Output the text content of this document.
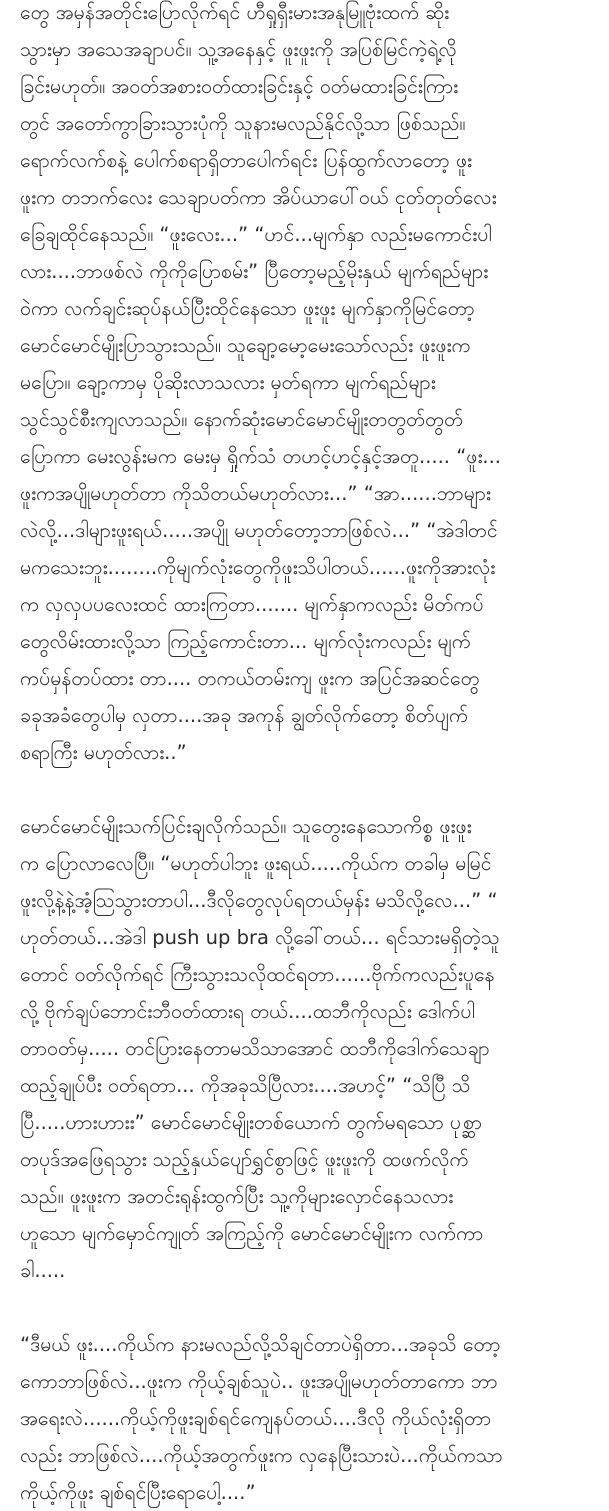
တွေ အမှန်အတိုင်းပြောလိုက်ရင် ဟီရှုရှီးမားအနုမြူဗုံးထက် ဆိုး
သွားမှာ အသေအချာပင်။ သူ့အနေနှင့် ဖူးဖူးကို အပြစ်မြင်ကဲ့ရဲ့လို
ခြင်းမဟုတ်။ အဝတ်အစားဝတ်ထားခြင်းနှင့် ဝတ်မထားခြင်းကြား
တွင် အတော်ကွာခြားသွားပုံကို သူနားမလည်နိုင်လို့သာ ဖြစ်သည်။
ရောက်လက်စနဲ့ ပေါက်စရာရှိတာပေါက်ရင်း ပြန်ထွက်လာတော့ ဖူး
ဖူးက တဘက်လေး သေချာပတ်ကာ အိပ်ယာပေါ်ဝယ် ငုတ်တုတ်လေး
ခြေချထိုင်နေသည်။ “ဖူးလေး...” “ဟင်...မျက်နှာ လည်းမကောင်းပါ
လား....ဘာဖစ်လဲ ကိုကိုပြောစမ်း” ပြီတော့မည့်မိုးနှယ် မျက်ရည်များ
ဝဲကာ လက်ချင်းဆုပ်နယ်ပြီးထိုင်နေသော ဖူးဖူး မျက်နှာကိုမြင်တော့
မောင်မောင်မျိုးပြာသွားသည်။ သူချော့မော့မေးသော်လည်း ဖူးဖူးက
မပြော။ ချော့ကာမှ ပိုဆိုးလာသလား မှတ်ရကာ မျက်ရည်များ
သွင်သွင်စီးကျလာသည်။ နောက်ဆုံးမောင်မောင်မျိုးတတွတ်တွတ်
ပြောကာ မေးလွန်းမက မေးမှ ရှိုက်သံ တဟင့်ဟင့်နှင့်အတူ..... “ဖူး...
ဖူးကအပျိုမဟုတ်တာ ကိုသိတယ်မဟုတ်လား...” “အာ......ဘာများ
လဲလို့...ဒါများဖူးရယ်.....အပျို မဟုတ်တော့ဘာဖြစ်လဲ...” “အဲဒါတင်
မကသေးဘူး........ကိုမျက်လုံးတွေကိုဖူးသိပါတယ်......ဖူးကိုအားလုံး
က လှလှပပလေးထင် ထားကြတာ....... မျက်နှာကလည်း မိတ်ကပ်
တွေလိမ်းထားလို့သာ ကြည့်ကောင်းတာ... မျက်လုံးကလည်း မျက်
ကပ်မှန်တပ်ထား တာ.... တကယ်တမ်းကျ ဖူးက အပြင်အဆင်တွေ
ခခုအခံတွေပါမှ လှတာ....အခု အကုန် ချွတ်လိုက်တော့ စိတ်ပျက်
စရာကြီး မဟုတ်လား..”
မောင်မောင်မျိုးသက်ပြင်းချလိုက်သည်။ သူတွေးနေသောကိစ္စ ဖူးဖူး
က ပြောလာလေပြီ။ “မဟုတ်ပါဘူး ဖူးရယ်.....ကိုယ်က တခါမှ မမြင်
ဖူးလို့နဲ့နဲ့အံ့သြသွားတာပါ...ဒီလိုတွေလုပ်ရတယ်မှန်း မသိလို့လေ...” “
ဟုတ်တယ်...အဲဒါ push up bra လို့ခေါ်တယ်... ရင်သားမရှိတဲ့သူ
တောင် ဝတ်လိုက်ရင် ကြီးသွားသလိုထင်ရတာ......ဗိုက်ကလည်းပူနေ
လို့ ဗိုက်ချပ်ဘောင်းဘီဝတ်ထားရ တယ်....ထဘီကိုလည်း ဒေါက်ပါ
တာဝတ်မှ..... တင်ပြားနေတာမသိသာအောင် ထဘီကိုဒေါက်သေချာ
ထည့်ချုပ်ပီး ဝတ်ရတာ... ကိုအခုသိပြီလား....အဟင့်” “သိပြီ သိ
ပြီ.....ဟားဟားး” မောင်မောင်မျိုးတစ်ယောက် တွက်မရသော ပုစ္ဆာ
တပုဒ်အဖြေရသွား သည့်နှယ်ပျော်ရွှင်စွာဖြင့် ဖူးဖူးကို ထဖက်လိုက်
သည်။ ဖူးဖူးက အတင်းရုန်းထွက်ပြီး သူ့ကိုများလှောင်နေသလား
ဟူသော မျက်မှောင်ကျုတ် အကြည့်ကို မောင်မောင်မျိုးက လက်ကာ
ခါ.....
“ဒီမယ် ဖူး....ကိုယ်က နားမလည်လို့သိချင်တာပဲရှိတာ...အခုသိ တော့
ကောဘာဖြစ်လဲ...ဖူးက ကိုယ့်ချစ်သူပဲ.. ဖူးအပျိုမဟုတ်တာကော ဘာ
အရေးလဲ......ကိုယ့်ကိုဖူးချစ်ရင်ကျေနပ်တယ်....ဒီလို ကိုယ်လုံးရှိတာ
လည်း ဘာဖြစ်လဲ....ကိုယ့်အတွက်ဖူးက လှနေပြီးသားပဲ...ကိုယ်ကသာ
ကိုယ့်ကိုဖူး ချစ်ရင်ပြီးရောပေါ့....”
